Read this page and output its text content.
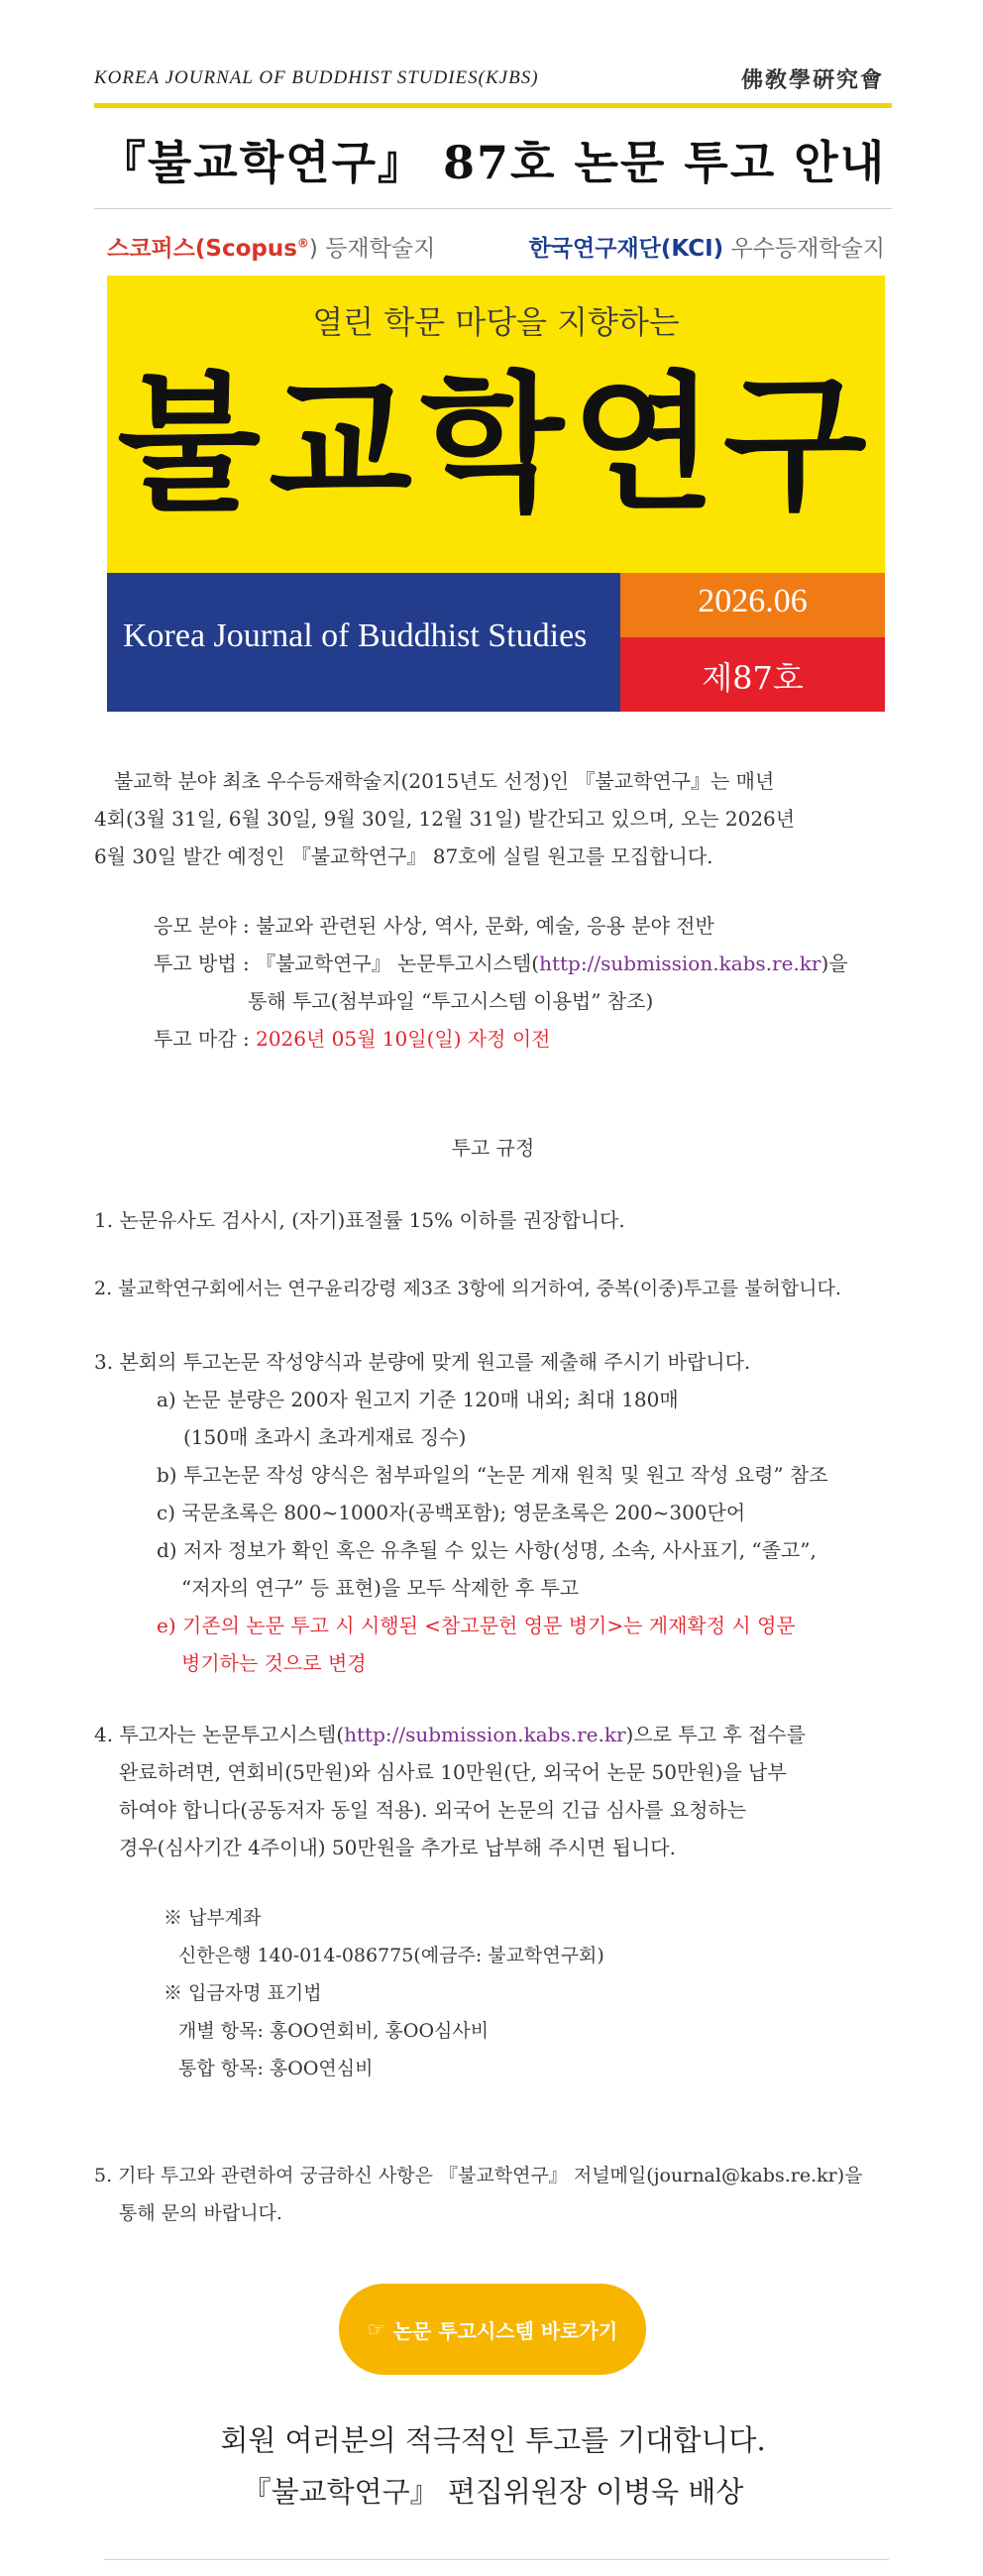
KOREA JOURNAL OF BUDDHIST STUDIES(KJBS)	佛敎學硏究會
『불교학연구』 87호 논문 투고 안내
스코퍼스(Scopus®) 등재학술지	한국연구재단(KCI) 우수등재학술지
열린 학문 마당을 지향하는
불교학연구
Korea Journal of Buddhist Studies
2026.06
제87호
불교학 분야 최초 우수등재학술지(2015년도 선정)인 『불교학연구』는 매년
4회(3월 31일, 6월 30일, 9월 30일, 12월 31일) 발간되고 있으며, 오는 2026년
6월 30일 발간 예정인 『불교학연구』 87호에 실릴 원고를 모집합니다.
응모 분야 : 불교와 관련된 사상, 역사, 문화, 예술, 응용 분야 전반
투고 방법 : 『불교학연구』 논문투고시스템(http://submission.kabs.re.kr)을
통해 투고(첨부파일 “투고시스템 이용법” 참조)
투고 마감 : 2026년 05월 10일(일) 자정 이전
투고 규정
1. 논문유사도 검사시, (자기)표절률 15% 이하를 권장합니다.
2. 불교학연구회에서는 연구윤리강령 제3조 3항에 의거하여, 중복(이중)투고를 불허합니다.
3. 본회의 투고논문 작성양식과 분량에 맞게 원고를 제출해 주시기 바랍니다.
a) 논문 분량은 200자 원고지 기준 120매 내외; 최대 180매
(150매 초과시 초과게재료 징수)
b) 투고논문 작성 양식은 첨부파일의 “논문 게재 원칙 및 원고 작성 요령” 참조
c) 국문초록은 800~1000자(공백포함); 영문초록은 200~300단어
d) 저자 정보가 확인 혹은 유추될 수 있는 사항(성명, 소속, 사사표기, “졸고”,
“저자의 연구” 등 표현)을 모두 삭제한 후 투고
e) 기존의 논문 투고 시 시행된 <참고문헌 영문 병기>는 게재확정 시 영문
병기하는 것으로 변경
4. 투고자는 논문투고시스템(http://submission.kabs.re.kr)으로 투고 후 접수를
완료하려면, 연회비(5만원)와 심사료 10만원(단, 외국어 논문 50만원)을 납부
하여야 합니다(공동저자 동일 적용). 외국어 논문의 긴급 심사를 요청하는
경우(심사기간 4주이내) 50만원을 추가로 납부해 주시면 됩니다.
※ 납부계좌
신한은행 140-014-086775(예금주: 불교학연구회)
※ 입금자명 표기법
개별 항목: 홍OO연회비, 홍OO심사비
통합 항목: 홍OO연심비
5. 기타 투고와 관련하여 궁금하신 사항은 『불교학연구』 저널메일(journal@kabs.re.kr)을
통해 문의 바랍니다.
☞ 논문 투고시스템 바로가기
회원 여러분의 적극적인 투고를 기대합니다.
『불교학연구』 편집위원장 이병욱 배상
